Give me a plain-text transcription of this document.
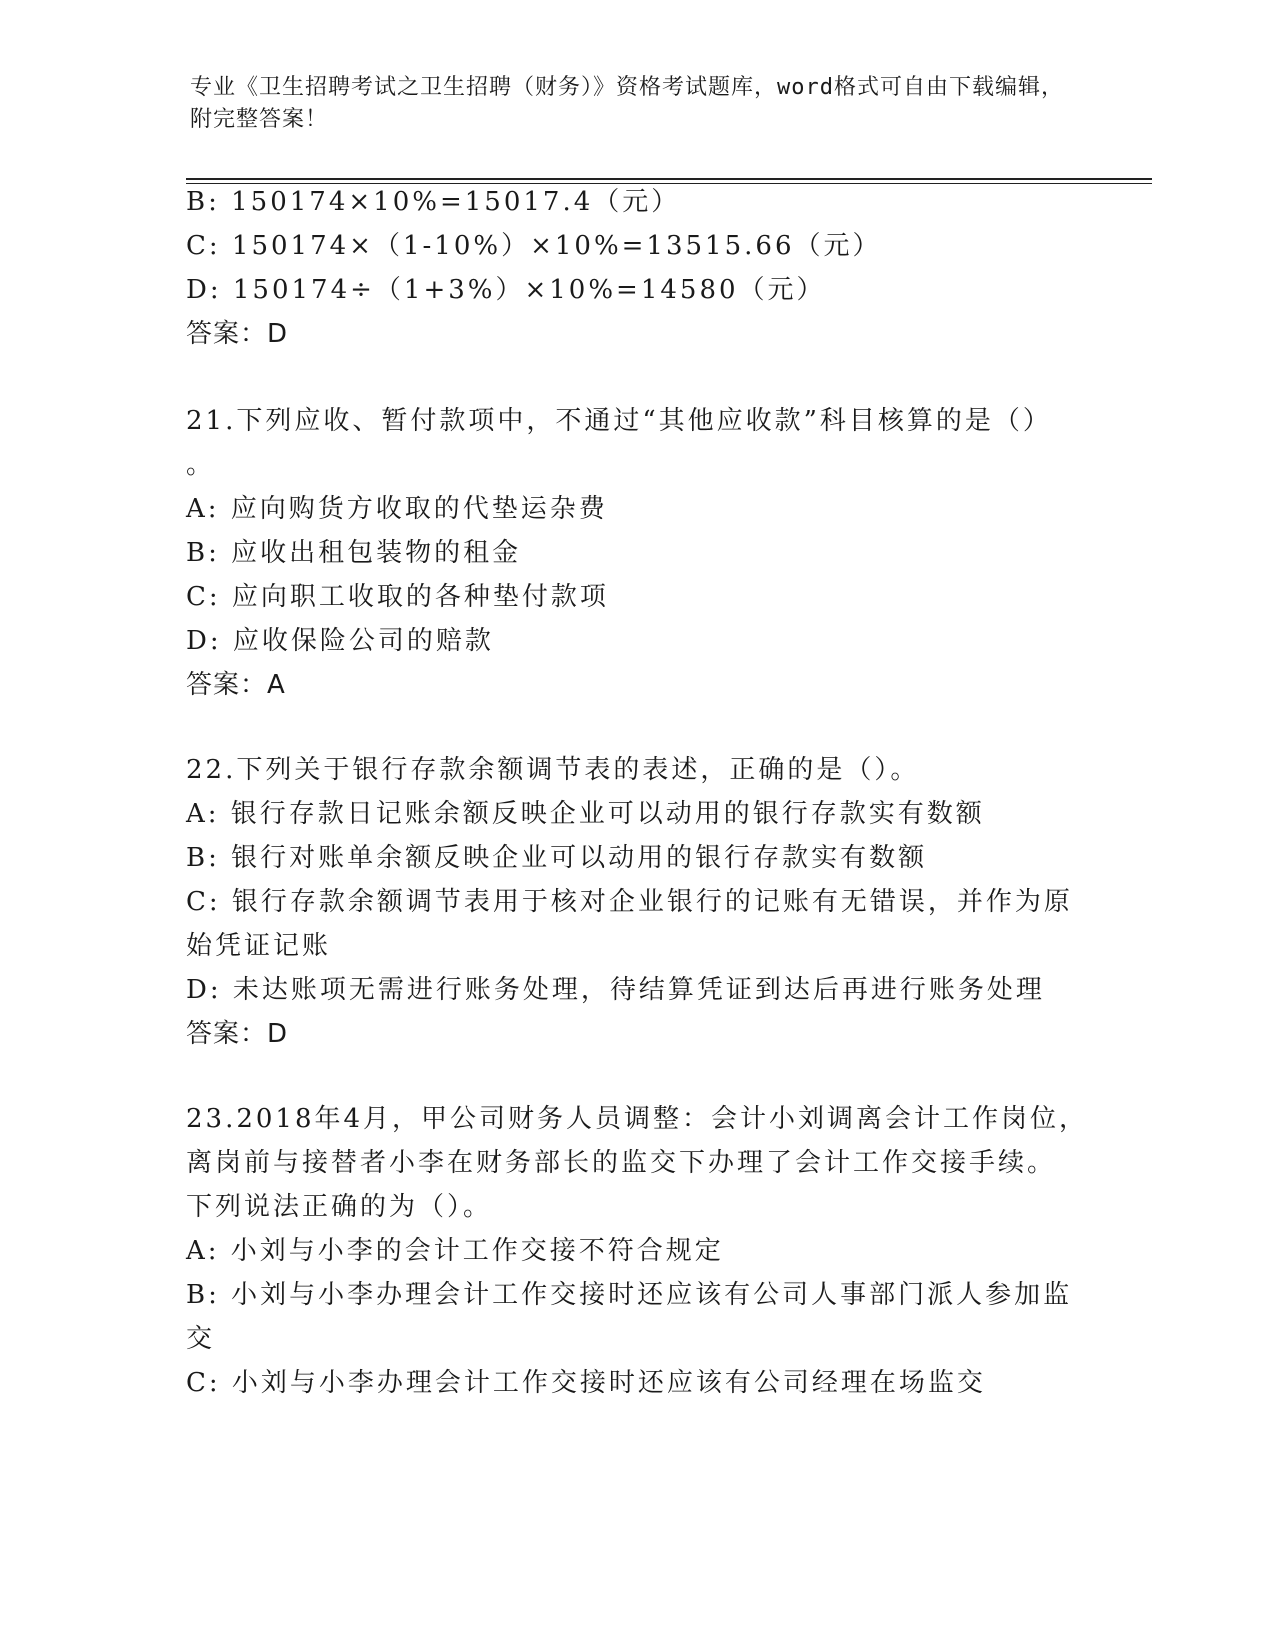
专业《卫生招聘考试之卫生招聘（财务）》资格考试题库，word格式可自由下载编辑，附完整答案！
B: 150174×10%=15017.4（元）
C: 150174×（1-10%）×10%=13515.66（元）
D: 150174÷（1+3%）×10%=14580（元）
答案：D
21.下列应收、暂付款项中，不通过“其他应收款”科目核算的是（）
。
A: 应向购货方收取的代垫运杂费
B: 应收出租包装物的租金
C: 应向职工收取的各种垫付款项
D: 应收保险公司的赔款
答案：A
22.下列关于银行存款余额调节表的表述，正确的是（）。
A: 银行存款日记账余额反映企业可以动用的银行存款实有数额
B: 银行对账单余额反映企业可以动用的银行存款实有数额
C: 银行存款余额调节表用于核对企业银行的记账有无错误，并作为原
始凭证记账
D: 未达账项无需进行账务处理，待结算凭证到达后再进行账务处理
答案：D
23.2018年4月，甲公司财务人员调整：会计小刘调离会计工作岗位，
离岗前与接替者小李在财务部长的监交下办理了会计工作交接手续。
下列说法正确的为（）。
A: 小刘与小李的会计工作交接不符合规定
B: 小刘与小李办理会计工作交接时还应该有公司人事部门派人参加监
交
C: 小刘与小李办理会计工作交接时还应该有公司经理在场监交
